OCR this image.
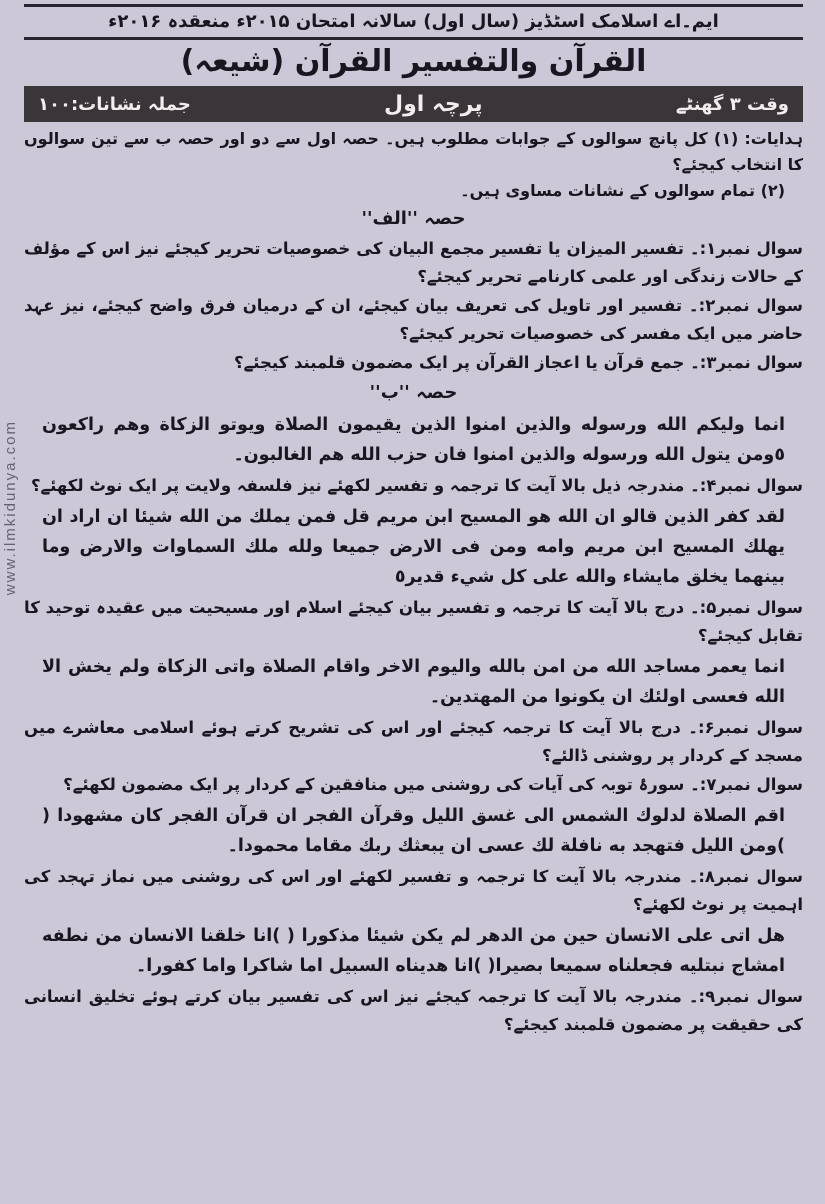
ایم۔اے اسلامک اسٹڈیز (سال اول) سالانہ امتحان ۲۰۱۵ء منعقدہ ۲۰۱۶ء
القرآن والتفسیر القرآن (شیعہ)
وقت ۳ گھنٹے
پرچہ اول
جملہ نشانات:۱۰۰
ہدایات: (۱) کل پانچ سوالوں کے جوابات مطلوب ہیں۔ حصہ اول سے دو اور حصہ ب سے تین سوالوں کا انتخاب کیجئے؟
(۲) تمام سوالوں کے نشانات مساوی ہیں۔
حصہ ''الف''
سوال نمبر۱:۔ تفسیر المیزان یا تفسیر مجمع البیان کی خصوصیات تحریر کیجئے نیز اس کے مؤلف کے حالات زندگی اور علمی کارنامے تحریر کیجئے؟
سوال نمبر۲:۔ تفسیر اور تاویل کی تعریف بیان کیجئے، ان کے درمیان فرق واضح کیجئے، نیز عہد حاضر میں ایک مفسر کی خصوصیات تحریر کیجئے؟
سوال نمبر۳:۔ جمع قرآن یا اعجاز القرآن پر ایک مضمون قلمبند کیجئے؟
حصہ ''ب''
انما ولیکم الله ورسوله والذین امنوا الذین یقیمون الصلاة ویوتو الزكاة وهم راكعون ٥ومن یتول الله ورسوله والذین امنوا فان حزب الله هم الغالبون۔
سوال نمبر۴:۔ مندرجہ ذیل بالا آیت کا ترجمہ و تفسیر لکھئے نیز فلسفہ ولایت پر ایک نوٹ لکھئے؟
لقد كفر الذين قالو ان الله هو المسيح ابن مريم قل فمن يملك من الله شيئا ان اراد ان يهلك المسيح ابن مريم وامه ومن فى الارض جميعا ولله ملك السماوات والارض وما بينهما يخلق مايشاء والله على كل شيء قدير٥
سوال نمبر۵:۔ درج بالا آیت کا ترجمہ و تفسیر بیان کیجئے اسلام اور مسیحیت میں عقیدہ توحید کا تقابل کیجئے؟
انما يعمر مساجد الله من امن بالله واليوم الاخر واقام الصلاة واتى الزكاة ولم يخش الا الله فعسى اولئك ان يكونوا من المهتدين۔
سوال نمبر۶:۔ درج بالا آیت کا ترجمہ کیجئے اور اس کی تشریح کرتے ہوئے اسلامی معاشرے میں مسجد کے کردار پر روشنی ڈالئے؟
سوال نمبر۷:۔ سورۂ توبہ کی آیات کی روشنی میں منافقین کے کردار پر ایک مضمون لکھئے؟
اقم الصلاة لدلوك الشمس الى غسق الليل وقرآن الفجر ان قرآن الفجر كان مشهودا ( )ومن الليل فتهجد به نافلة لك عسى ان يبعثك ربك مقاما محمودا۔
سوال نمبر۸:۔ مندرجہ بالا آیت کا ترجمہ و تفسیر لکھئے اور اس کی روشنی میں نماز تہجد کی اہمیت پر نوٹ لکھئے؟
هل اتى على الانسان حين من الدهر لم يكن شيئا مذكورا ( )انا خلقنا الانسان من نطفه امشاج نبتليه فجعلناه سميعا بصيرا( )انا هديناه السبيل اما شاكرا واما كفورا۔
سوال نمبر۹:۔ مندرجہ بالا آیت کا ترجمہ کیجئے نیز اس کی تفسیر بیان کرتے ہوئے تخلیق انسانی کی حقیقت پر مضمون قلمبند کیجئے؟
www.ilmkidunya.com
